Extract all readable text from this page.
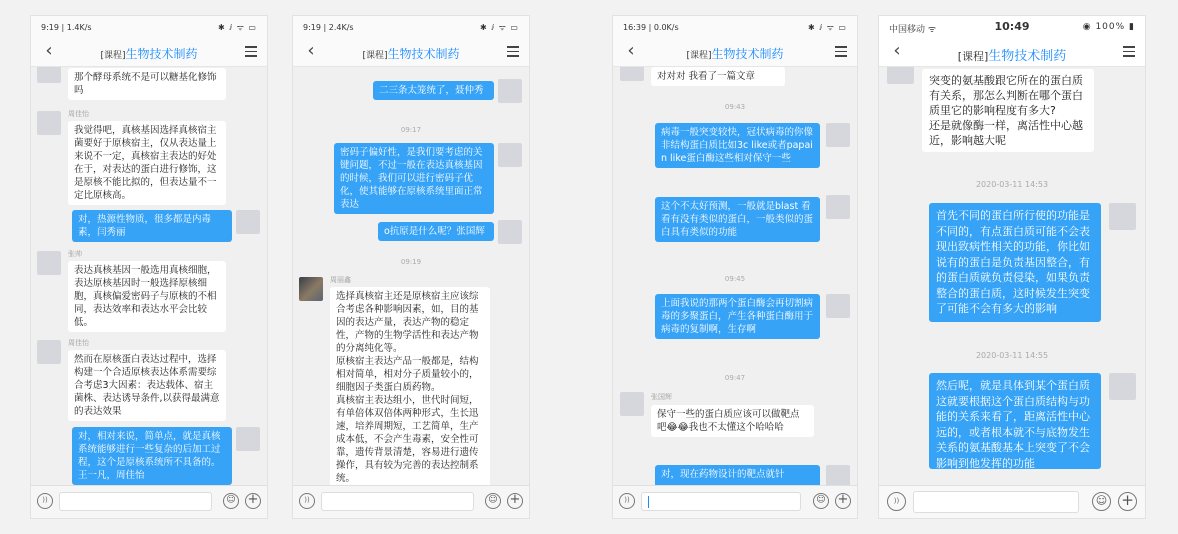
9:19 | 1.4K/s	✱ ⅈ ᯤ ▭
‹	[课程]生物技术制药
那个酵母系统不是可以糖基化修饰吗
周佳怡
我觉得吧，真核基因选择真核宿主菌要好于原核宿主，仅从表达量上来说不一定，真核宿主表达的好处在于，对表达的蛋白进行修饰，这是原核不能比拟的，但表达量不一定比原核高。
对，热源性物质，很多都是内毒素，闫秀丽
张帅
表达真核基因一般选用真核细胞，表达原核基因时一般选择原核细胞，真核偏爱密码子与原核的不相同，表达效率和表达水平会比较低。
周佳怡
然而在原核蛋白表达过程中，选择构建一个合适原核表达体系需要综合考虑3大因素：表达载体、宿主菌株、表达诱导条件,以获得最满意的表达效果
对，相对来说，简单点，就是真核系统能够进行一些复杂的后加工过程，这个是原核系统所不具备的。王一凡，周佳怡
))	☺ +
9:19 | 2.4K/s	✱ ⅈ ᯤ ▭
‹	[课程]生物技术制药
二三条太笼统了，聂仲秀
09:17
密码子偏好性，是我们要考虑的关键问题，不过一般在表达真核基因的时候，我们可以进行密码子优化，使其能够在原核系统里面正常表达
o抗原是什么呢？张国辉
09:19
周丽鑫
选择真核宿主还是原核宿主应该综合考虑各种影响因素，如，目的基因的表达产量，表达产物的稳定性，产物的生物学活性和表达产物的分离纯化等。
原核宿主表达产品一般都是，结构相对简单，相对分子质量较小的，细胞因子类蛋白质药物。
真核宿主表达组小，世代时间短，有单倍体双倍体两种形式，生长迅速，培养周期短，工艺简单，生产成本低，不会产生毒素，安全性可靠，遗传背景清楚，容易进行遗传操作，具有较为完善的表达控制系统。
))	☺ +
16:39 | 0.0K/s	✱ ⅈ ᯤ ▭
‹	[课程]生物技术制药
对对对 我看了一篇文章
09:43
病毒一般突变较快，冠状病毒的你像非结构蛋白质比如3c like或者papain like蛋白酶这些相对保守一些
这个不太好预测，一般就是blast 看看有没有类似的蛋白，一般类似的蛋白具有类似的功能
09:45
上面我说的那两个蛋白酶会再切割病毒的多聚蛋白，产生各种蛋白酶用于病毒的复制啊，生存啊
09:47
张国辉
保守一些的蛋白质应该可以做靶点吧😂😂我也不太懂这个哈哈哈
对，现在药物设计的靶点就针
))	☺ +
中国移动 ᯤ	10:49	◉ 100% ▮
‹	[课程]生物技术制药
突变的氨基酸跟它所在的蛋白质有关系，那怎么判断在哪个蛋白质里它的影响程度有多大?
还是就像酶一样，离活性中心越近，影响越大呢
2020-03-11 14:53
首先不同的蛋白所行使的功能是不同的，有点蛋白质可能不会表现出致病性相关的功能，你比如说有的蛋白是负责基因整合，有的蛋白质就负责侵染，如果负责整合的蛋白质，这时候发生突变了可能不会有多大的影响
2020-03-11 14:55
然后呢，就是具体到某个蛋白质这就要根据这个蛋白质结构与功能的关系来看了，距离活性中心远的，或者根本就不与底物发生关系的氨基酸基本上突变了不会影响到他发挥的功能
))	☺ +
